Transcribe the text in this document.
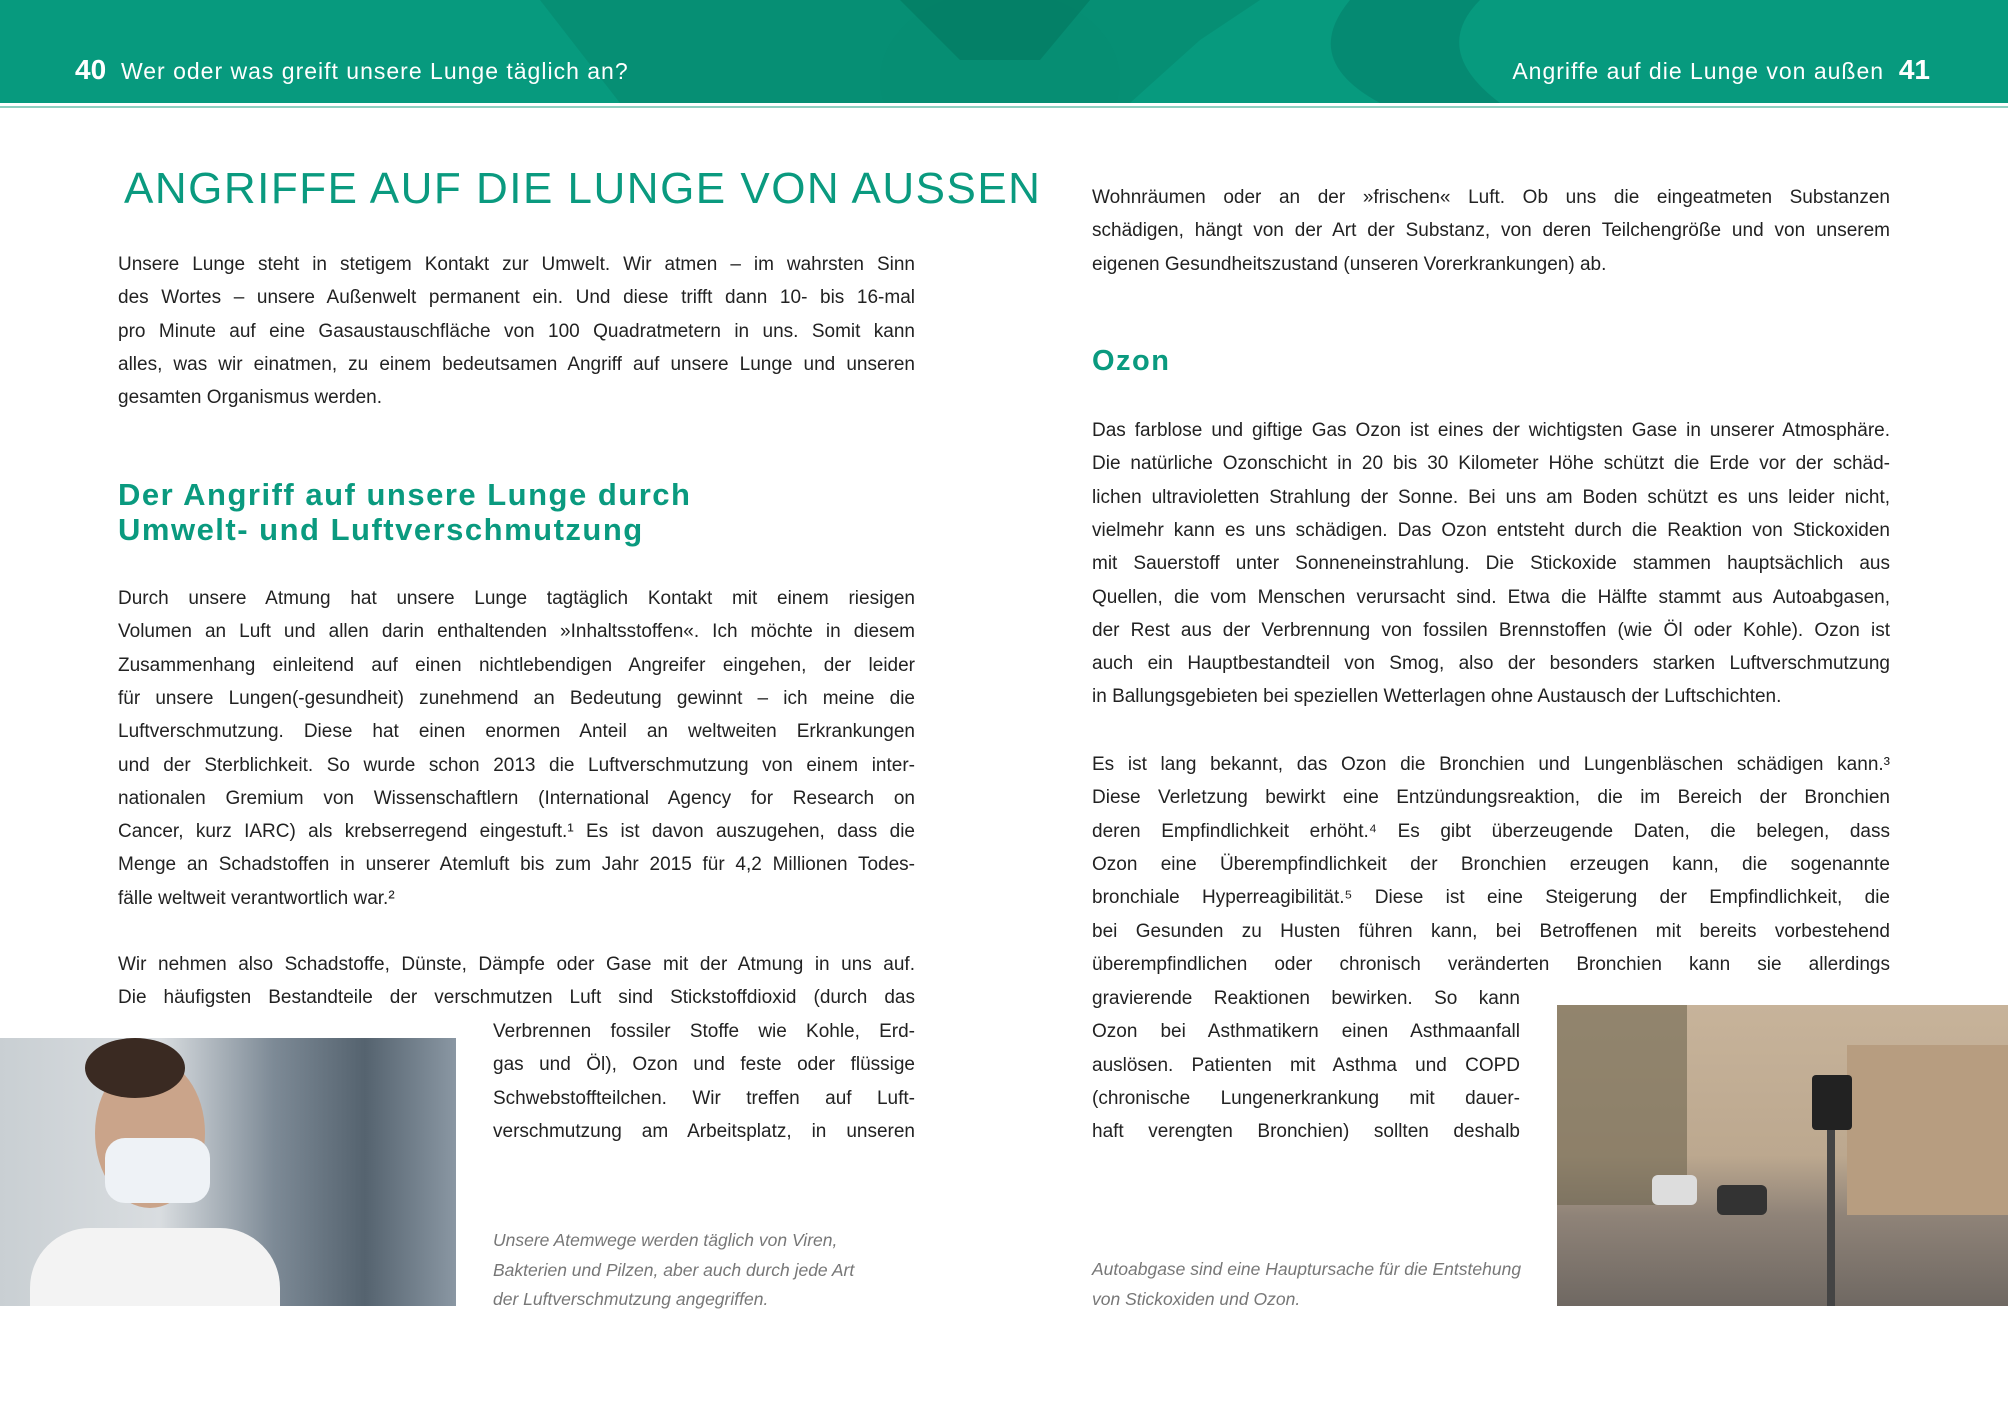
40 Wer oder was greift unsere Lunge täglich an?	Angriffe auf die Lunge von außen 41
ANGRIFFE AUF DIE LUNGE VON AUSSEN
Der Angriff auf unsere Lunge durch
Umwelt- und Luftverschmutzung
Ozon
Unsere Lunge steht in stetigem Kontakt zur Umwelt. Wir atmen – im wahrsten Sinn
des Wortes – unsere Außenwelt permanent ein. Und diese trifft dann 10- bis 16-mal
pro Minute auf eine Gasaustauschfläche von 100 Quadratmetern in uns. Somit kann
alles, was wir einatmen, zu einem bedeutsamen Angriff auf unsere Lunge und unseren
gesamten Organismus werden.
Durch unsere Atmung hat unsere Lunge tagtäglich Kontakt mit einem riesigen
Volumen an Luft und allen darin enthaltenden »Inhaltsstoffen«. Ich möchte in diesem
Zusammenhang einleitend auf einen nichtlebendigen Angreifer eingehen, der leider
für unsere Lungen(-gesundheit) zunehmend an Bedeutung gewinnt – ich meine die
Luftverschmutzung. Diese hat einen enormen Anteil an weltweiten Erkrankungen
und der Sterblichkeit. So wurde schon 2013 die Luftverschmutzung von einem inter-
nationalen Gremium von Wissenschaftlern (International Agency for Research on
Cancer, kurz IARC) als krebserregend eingestuft.¹ Es ist davon auszugehen, dass die
Menge an Schadstoffen in unserer Atemluft bis zum Jahr 2015 für 4,2 Millionen Todes-
fälle weltweit verantwortlich war.²
Wir nehmen also Schadstoffe, Dünste, Dämpfe oder Gase mit der Atmung in uns auf.
Die häufigsten Bestandteile der verschmutzen Luft sind Stickstoffdioxid (durch das
Verbrennen fossiler Stoffe wie Kohle, Erd-
gas und Öl), Ozon und feste oder flüssige
Schwebstoffteilchen. Wir treffen auf Luft-
verschmutzung am Arbeitsplatz, in unseren
Unsere Atemwege werden täglich von Viren,
Bakterien und Pilzen, aber auch durch jede Art
der Luftverschmutzung angegriffen.
Wohnräumen oder an der »frischen« Luft. Ob uns die eingeatmeten Substanzen
schädigen, hängt von der Art der Substanz, von deren Teilchengröße und von unserem
eigenen Gesundheitszustand (unseren Vorerkrankungen) ab.
Das farblose und giftige Gas Ozon ist eines der wichtigsten Gase in unserer Atmosphäre.
Die natürliche Ozonschicht in 20 bis 30 Kilometer Höhe schützt die Erde vor der schäd-
lichen ultravioletten Strahlung der Sonne. Bei uns am Boden schützt es uns leider nicht,
vielmehr kann es uns schädigen. Das Ozon entsteht durch die Reaktion von Stickoxiden
mit Sauerstoff unter Sonneneinstrahlung. Die Stickoxide stammen hauptsächlich aus
Quellen, die vom Menschen verursacht sind. Etwa die Hälfte stammt aus Autoabgasen,
der Rest aus der Verbrennung von fossilen Brennstoffen (wie Öl oder Kohle). Ozon ist
auch ein Hauptbestandteil von Smog, also der besonders starken Luftverschmutzung
in Ballungsgebieten bei speziellen Wetterlagen ohne Austausch der Luftschichten.
Es ist lang bekannt, das Ozon die Bronchien und Lungenbläschen schädigen kann.³
Diese Verletzung bewirkt eine Entzündungsreaktion, die im Bereich der Bronchien
deren Empfindlichkeit erhöht.⁴ Es gibt überzeugende Daten, die belegen, dass
Ozon eine Überempfindlichkeit der Bronchien erzeugen kann, die sogenannte
bronchiale Hyperreagibilität.⁵ Diese ist eine Steigerung der Empfindlichkeit, die
bei Gesunden zu Husten führen kann, bei Betroffenen mit bereits vorbestehend
überempfindlichen oder chronisch veränderten Bronchien kann sie allerdings
gravierende Reaktionen bewirken. So kann
Ozon bei Asthmatikern einen Asthmaanfall
auslösen. Patienten mit Asthma und COPD
(chronische Lungenerkrankung mit dauer-
haft verengten Bronchien) sollten deshalb
Autoabgase sind eine Hauptursache für die Entstehung
von Stickoxiden und Ozon.
